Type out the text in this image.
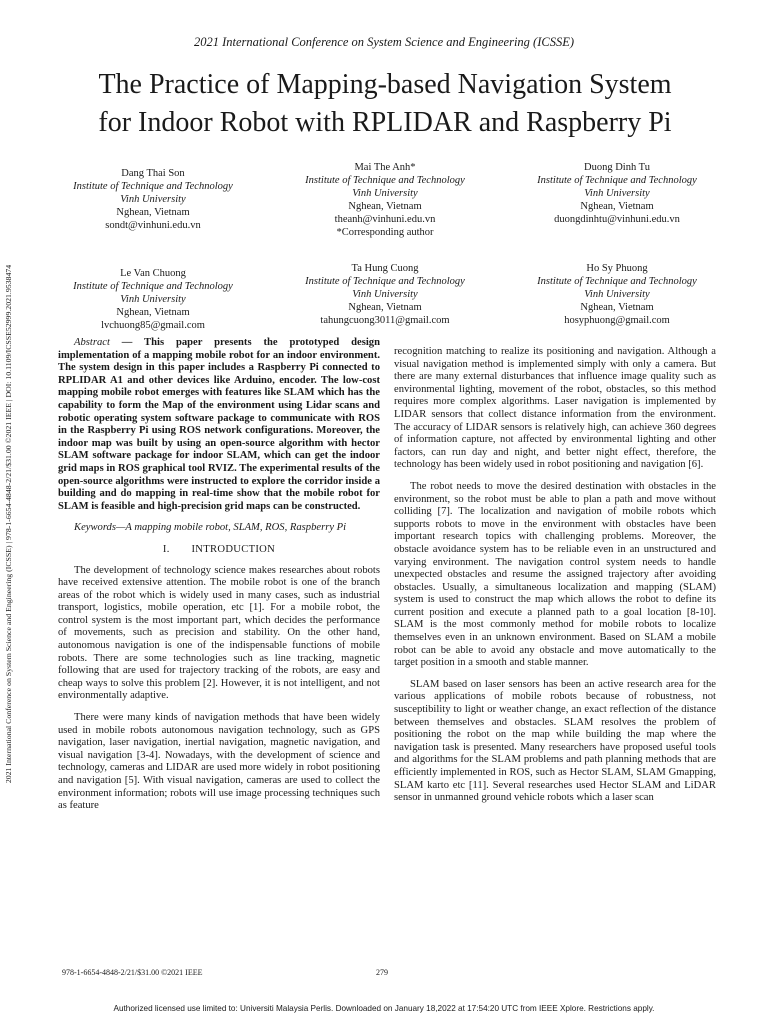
2021 International Conference on System Science and Engineering (ICSSE)
The Practice of Mapping-based Navigation System
for Indoor Robot with RPLIDAR and Raspberry Pi
Dang Thai Son
Institute of Technique and Technology
Vinh University
Nghean, Vietnam
sondt@vinhuni.edu.vn
Mai The Anh*
Institute of Technique and Technology
Vinh University
Nghean, Vietnam
theanh@vinhuni.edu.vn
*Corresponding author
Duong Dinh Tu
Institute of Technique and Technology
Vinh University
Nghean, Vietnam
duongdinhtu@vinhuni.edu.vn
Le Van Chuong
Institute of Technique and Technology
Vinh University
Nghean, Vietnam
lvchuong85@gmail.com
Ta Hung Cuong
Institute of Technique and Technology
Vinh University
Nghean, Vietnam
tahungcuong3011@gmail.com
Ho Sy Phuong
Institute of Technique and Technology
Vinh University
Nghean, Vietnam
hosyphuong@gmail.com
2021 International Conference on System Science and Engineering (ICSSE) | 978-1-6654-4848-2/21/$31.00 ©2021 IEEE | DOI: 10.1109/ICSSE52999.2021.9538474	Abstract — This paper presents the prototyped design implementation of a mapping mobile robot for an indoor environment. The system design in this paper includes a Raspberry Pi connected to RPLIDAR A1 and other devices like Arduino, encoder. The low-cost mapping mobile robot emerges with features like SLAM which has the capability to form the Map of the environment using Lidar scans and robotic operating system software package to communicate with ROS in the Raspberry Pi using ROS network configurations. Moreover, the indoor map was built by using an open-source algorithm with hector SLAM software package for indoor SLAM, which can get the indoor grid maps in ROS graphical tool RVIZ. The experimental results of the open-source algorithms were instructed to explore the corridor inside a building and do mapping in real-time show that the mobile robot for SLAM is feasible and high-precision grid maps can be constructed.

Keywords—A mapping mobile robot, SLAM, ROS, Raspberry Pi

I.  INTRODUCTION

The development of technology science makes researches about robots have received extensive attention. The mobile robot is one of the branch areas of the robot which is widely used in many cases, such as industrial transport, logistics, mobile operation, etc [1]. For a mobile robot, the control system is the most important part, which decides the performance of movements, such as precision and stability. On the other hand, autonomous navigation is one of the indispensable functions of mobile robots. There are some technologies such as line tracking, magnetic following that are used for trajectory tracking of the robots, are easy and cheap ways to solve this problem [2]. However, it is not intelligent, and not environmentally adaptive.

There were many kinds of navigation methods that have been widely used in mobile robots autonomous navigation technology, such as GPS navigation, laser navigation, inertial navigation, magnetic navigation, and visual navigation [3-4]. Nowadays, with the development of science and technology, cameras and LIDAR are used more widely in robot positioning and navigation [5]. With visual navigation, cameras are used to collect the environment information; robots will use image processing techniques such as feature

recognition matching to realize its positioning and navigation. Although a visual navigation method is implemented simply with only a camera. But there are many external disturbances that influence image quality such as environmental lighting, movement of the robot, obstacles, so this method requires more complex algorithms. Laser navigation is implemented by LIDAR sensors that collect distance information from the environment. The accuracy of LIDAR sensors is relatively high, can achieve 360 degrees of information capture, not affected by environmental lighting and other factors, can run day and night, and better night effect, therefore, the technology has been widely used in robot positioning and navigation [6].

The robot needs to move the desired destination with obstacles in the environment, so the robot must be able to plan a path and move without colliding [7]. The localization and navigation of mobile robots which supports robots to move in the environment with obstacles have been important research topics with challenging problems. Moreover, the obstacle avoidance system has to be reliable even in an unstructured and varying environment. The navigation control system needs to handle unexpected obstacles and resume the assigned trajectory after avoiding obstacles. Usually, a simultaneous localization and mapping (SLAM) system is used to construct the map which allows the robot to define its current position and execute a planned path to a goal location [8-10]. SLAM is the most commonly method for mobile robots to localize themselves even in an unknown environment. Based on SLAM a mobile robot can be able to avoid any obstacle and move automatically to the target position in a smooth and stable manner.

SLAM based on laser sensors has been an active research area for the various applications of mobile robots because of robustness, not susceptibility to light or weather change, an exact reflection of the distance between themselves and obstacles. SLAM resolves the problem of positioning the robot on the map while building the map where the navigation task is presented. Many researchers have proposed useful tools and algorithms for the SLAM problems and path planning methods that are efficiently implemented in ROS, such as Hector SLAM, SLAM Gmapping, SLAM karto etc [11]. Several researches used Hector SLAM and LiDAR sensor in unmanned ground vehicle robots which a laser scan

978-1-6654-4848-2/21/$31.00 ©2021 IEEE	279
Authorized licensed use limited to: Universiti Malaysia Perlis. Downloaded on January 18,2022 at 17:54:20 UTC from IEEE Xplore. Restrictions apply.
